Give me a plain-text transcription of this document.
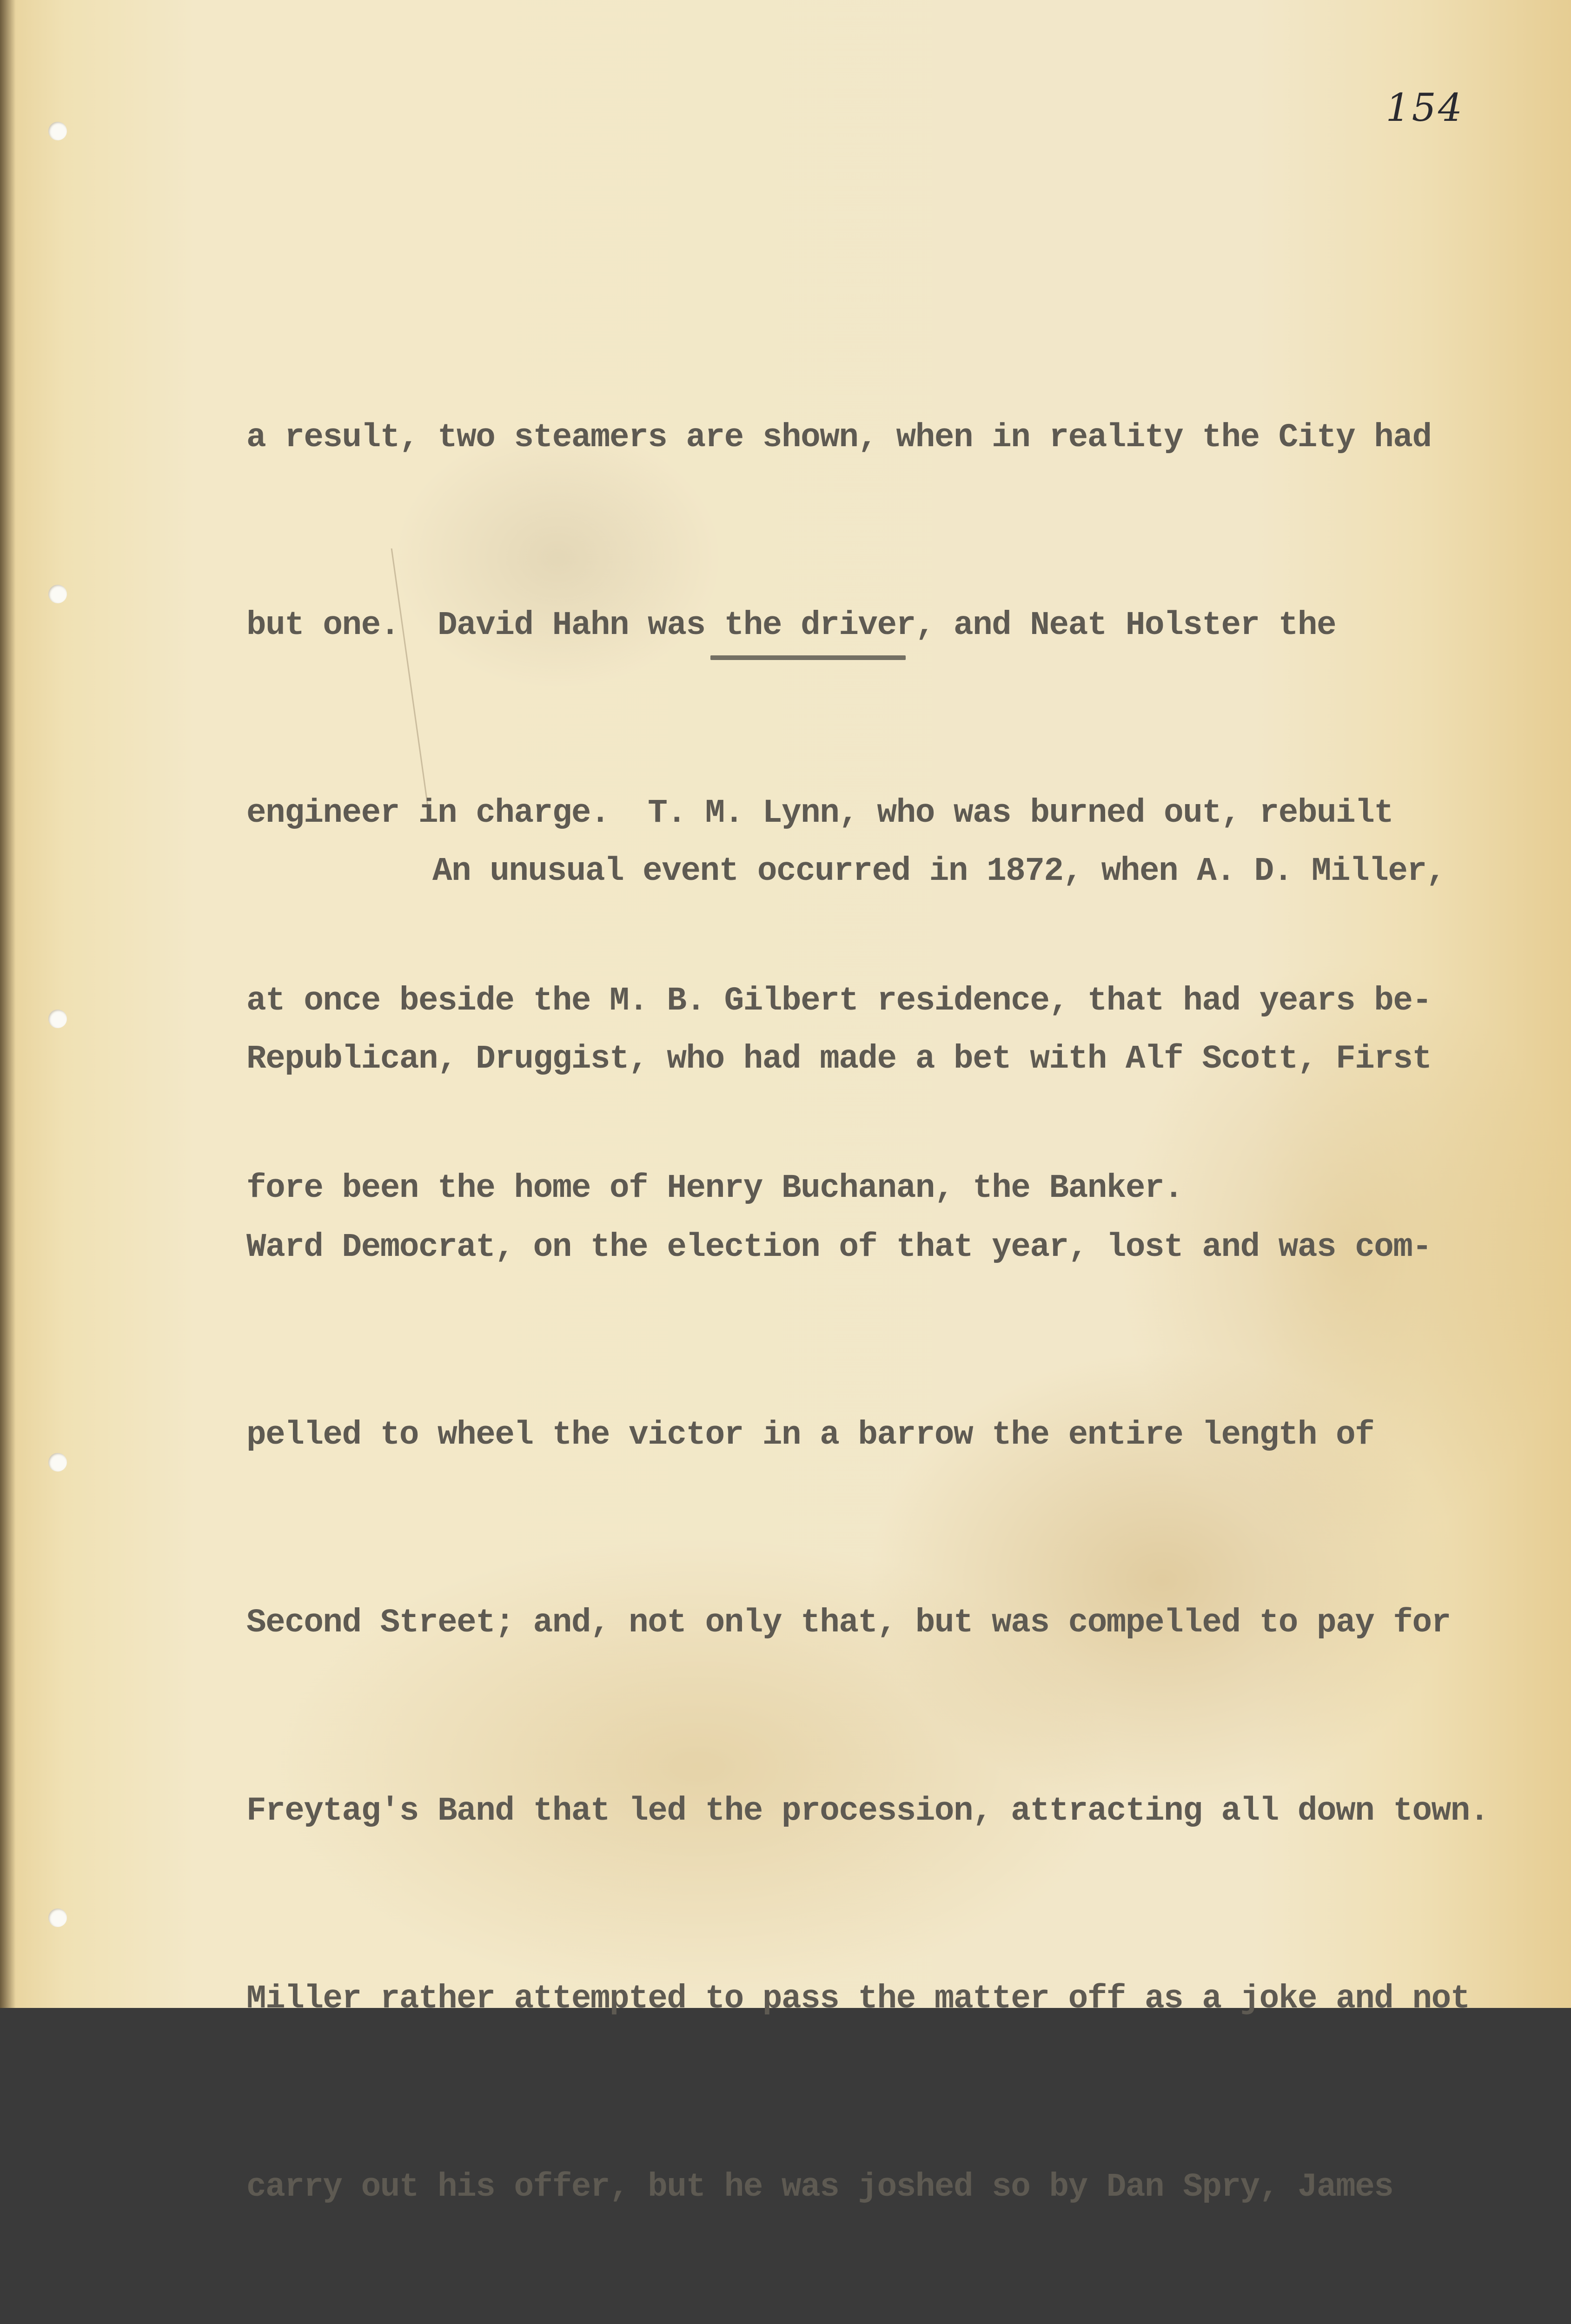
154

a result, two steamers are shown, when in reality the City had

but one.  David Hahn was the driver, and Neat Holster the

engineer in charge.  T. M. Lynn, who was burned out, rebuilt

at once beside the M. B. Gilbert residence, that had years be-

fore been the home of Henry Buchanan, the Banker.

An unusual event occurred in 1872, when A. D. Miller,

Republican, Druggist, who had made a bet with Alf Scott, First

Ward Democrat, on the election of that year, lost and was com-

pelled to wheel the victor in a barrow the entire length of

Second Street; and, not only that, but was compelled to pay for

Freytag's Band that led the procession, attracting all down town.

Miller rather attempted to pass the matter off as a joke and not

carry out his offer, but he was joshed so by Dan Spry, James
